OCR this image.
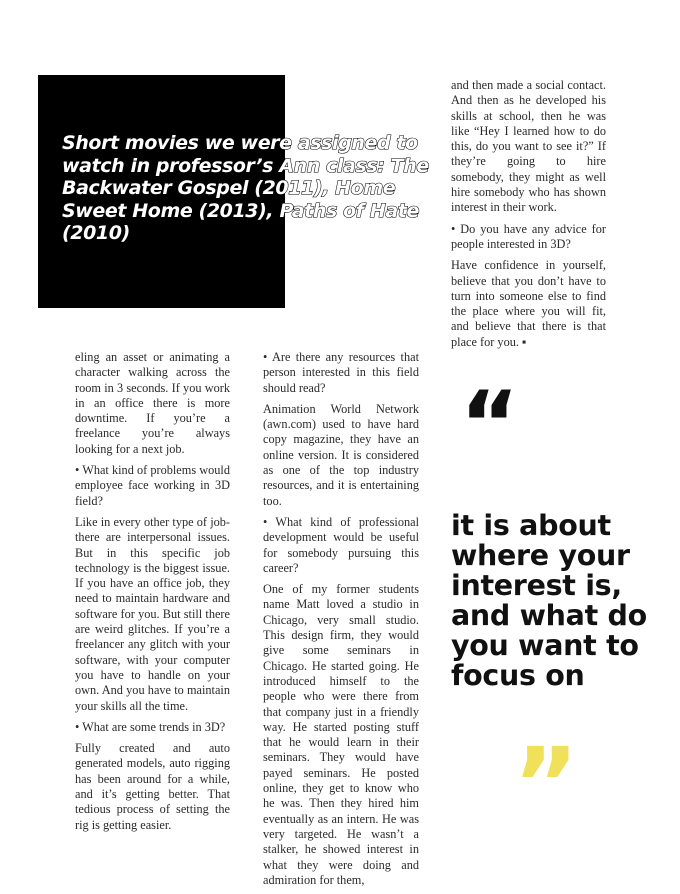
Short movies we were assigned to watch in professor’s Ann class: The Backwater Gospel (2011), Home Sweet Home (2013), Paths of Hate (2010)

eling an asset or animating a character walking across the room in 3 seconds. If you work in an office there is more downtime. If you’re a freelance you’re always looking for a next job.

• What kind of problems would employee face working in 3D field?

Like in every other type of job-there are interpersonal issues. But in this specific job technology is the biggest issue. If you have an office job, they need to maintain hardware and software for you. But still there are weird glitches. If you’re a freelancer any glitch with your software, with your computer you have to handle on your own. And you have to maintain your skills all the time.

• What are some trends in 3D?

Fully created and auto generated models, auto rigging has been around for a while, and it’s getting better. That tedious process of setting the rig is getting easier.

• Are there any resources that person interested in this field should read?

Animation World Network (awn.com) used to have hard copy magazine, they have an online version. It is considered as one of the top industry resources, and it is entertaining too.

• What kind of professional development would be useful for somebody pursuing this career?

One of my former students name Matt loved a studio in Chicago, very small studio. This design firm, they would give some seminars in Chicago. He started going. He introduced himself to the people who were there from that company just in a friendly way. He started posting stuff that he would learn in their seminars. They would have payed seminars. He posted online, they get to know who he was. Then they hired him eventually as an intern. He was very targeted. He wasn’t a stalker, he showed interest in what they were doing and admiration for them,

and then made a social contact. And then as he developed his skills at school, then he was like “Hey I learned how to do this, do you want to see it?” If they’re going to hire somebody, they might as well hire somebody who has shown interest in their work.

• Do you have any advice for people interested in 3D?

Have confidence in yourself, believe that you don’t have to turn into someone else to find the place where you will fit, and believe that there is that place for you. ▪

“

it is about where your interest is, and what do you want to focus on

”
